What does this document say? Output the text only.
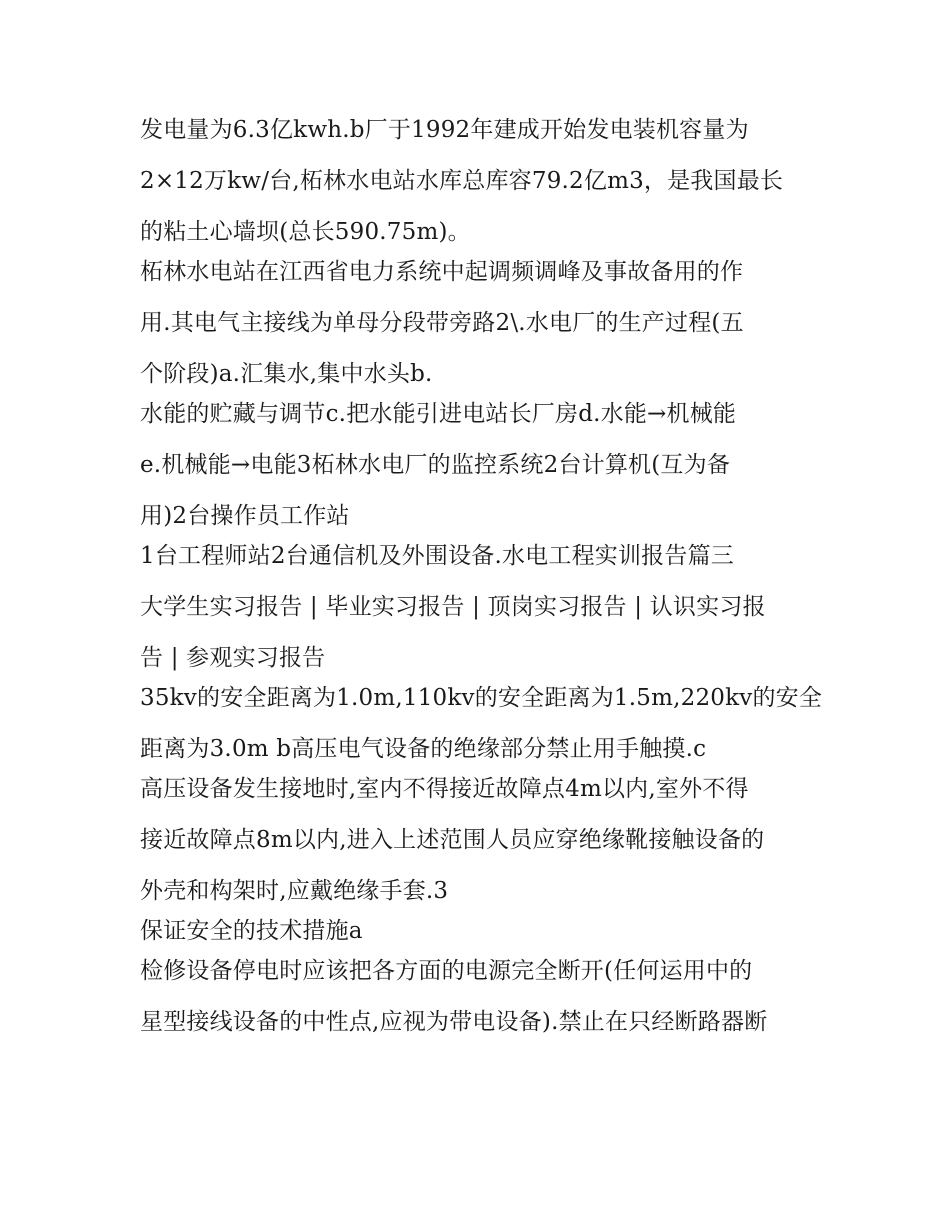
发电量为6.3亿kwh.b厂于1992年建成开始发电装机容量为

2×12万kw/台,柘林水电站水库总库容79.2亿m3，是我国最长

的粘土心墙坝(总长590.75m)。

柘林水电站在江西省电力系统中起调频调峰及事故备用的作

用.其电气主接线为单母分段带旁路2\.水电厂的生产过程(五

个阶段)a.汇集水,集中水头b.

水能的贮藏与调节c.把水能引进电站长厂房d.水能→机械能

e.机械能→电能3柘林水电厂的监控系统2台计算机(互为备

用)2台操作员工作站

1台工程师站2台通信机及外围设备.水电工程实训报告篇三

大学生实习报告 | 毕业实习报告 | 顶岗实习报告 | 认识实习报

告 | 参观实习报告

35kv的安全距离为1.0m,110kv的安全距离为1.5m,220kv的安全

距离为3.0m b高压电气设备的绝缘部分禁止用手触摸.c

高压设备发生接地时,室内不得接近故障点4m以内,室外不得

接近故障点8m以内,进入上述范围人员应穿绝缘靴接触设备的

外壳和构架时,应戴绝缘手套.3

保证安全的技术措施a

检修设备停电时应该把各方面的电源完全断开(任何运用中的

星型接线设备的中性点,应视为带电设备).禁止在只经断路器断
